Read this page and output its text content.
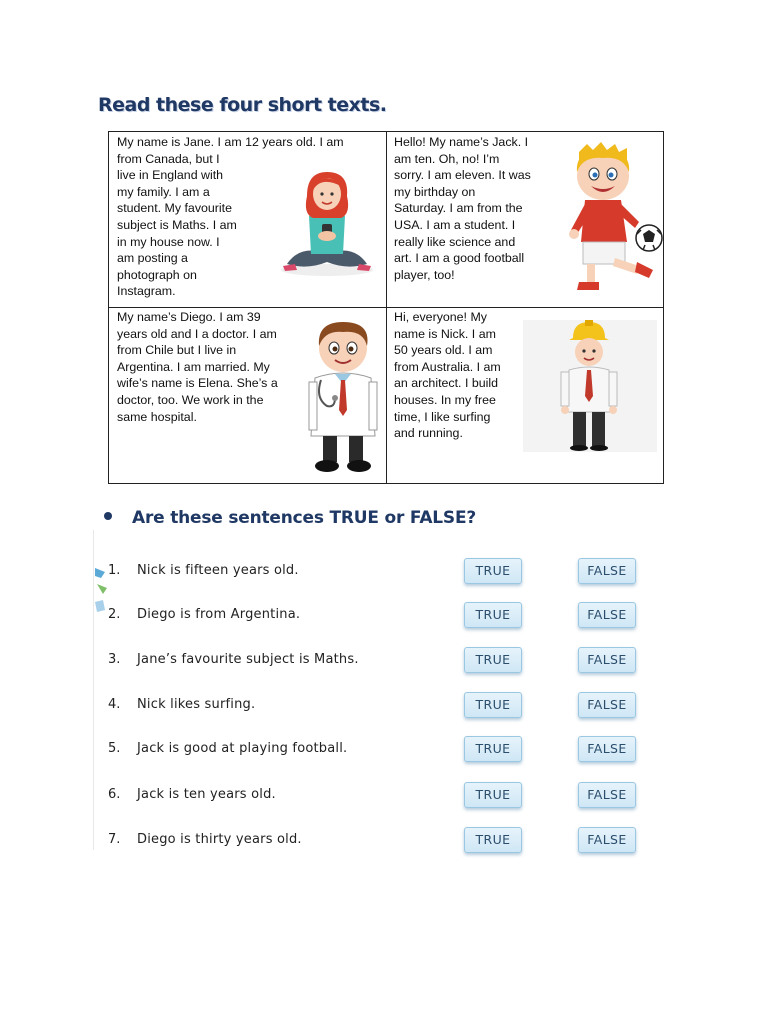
Read these four short texts.

My name is Jane. I am 12 years old. I am

from Canada, but I

live in England with

my family. I am a

student. My favourite

subject is Maths. I am

in my house now. I

am posting a

photograph on

Instagram.

Hello! My name’s Jack. I

am ten. Oh, no! I’m

sorry. I am eleven. It was

my birthday on

Saturday. I am from the

USA. I am a student. I

really like science and

art. I am a good football

player, too!

My name’s Diego. I am 39

years old and I a doctor. I am

from Chile but I live in

Argentina. I am married. My

wife’s name is Elena. She’s a

doctor, too. We work in the

same hospital.

Hi, everyone! My

name is Nick. I am

50 years old. I am

from Australia. I am

an architect. I build

houses. In my free

time, I like surfing

and running.

Are these sentences TRUE or FALSE?
1. Nick is fifteen years old.	TRUE	FALSE
2. Diego is from Argentina.	TRUE	FALSE
3. Jane’s favourite subject is Maths.	TRUE	FALSE
4. Nick likes surfing.	TRUE	FALSE
5. Jack is good at playing football.	TRUE	FALSE
6. Jack is ten years old.	TRUE	FALSE
7. Diego is thirty years old.	TRUE	FALSE
